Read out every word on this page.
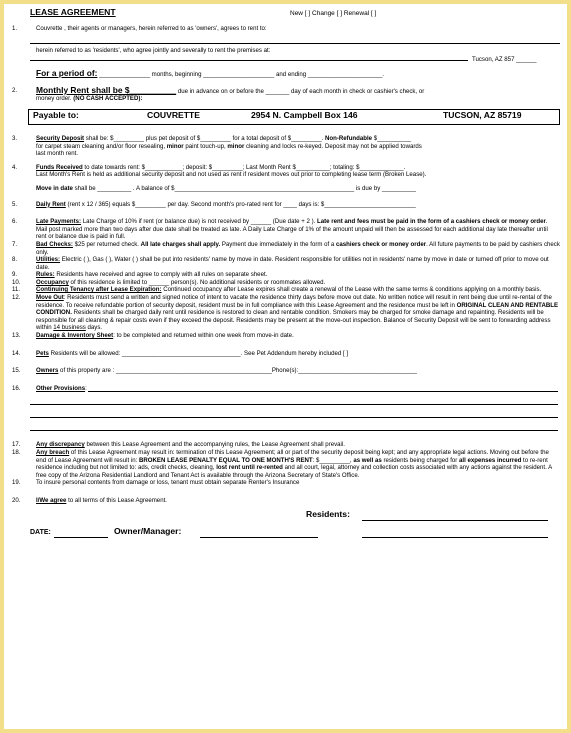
LEASE AGREEMENT	New [ ] Change [ ] Renewal [ ]
1.	Couvrette , their agents or managers, herein referred to as 'owners', agrees to rent to:
herein referred to as 'residents', who agree jointly and severally to rent the premises at:
Tucson, AZ 857 ______
For a period of: _______________ months, beginning _____________________ and ending ______________________.
2. Monthly Rent shall be $__________ due in advance on or before the _______ day of each month in check or cashier's check, or
money order. (NO CASH ACCEPTED):
Payable to:	COUVRETTE	2954 N. Campbell Box 146	TUCSON, AZ 85719
3.	Security Deposit shall be: $_________ plus pet deposit of $_________ for a total deposit of $_________. Non-Refundable $__________
for carpet steam cleaning and/or floor resealing, minor paint touch-up, minor cleaning and locks re-keyed. Deposit may not be applied towards
last month rent.
4.	Funds Received to date towards rent: $___________; deposit: $_________; Last Month Rent $__________; totaling: $_____________.
Last Month's Rent is held as additional security deposit and not used as rent if resident moves out prior to completing lease term (Broken Lease).
Move in date shall be __________ . A balance of $_____________________________________________________ is due by __________
5.	Daily Rent (rent x 12 / 365) equals $_________ per day. Second month's pro-rated rent for ____ days is: $___________________________
6.	Late Payments: Late Charge of 10% if rent (or balance due) is not received by ______ (Due date + 2 ). Late rent and fees must be paid in the form of a cashiers check or money order. Mail post marked more than two days after due date shall be treated as late. A Daily Late Charge of 1% of the amount unpaid will then be assessed for each additional day late thereafter until rent or balance due is paid in full.
7.	Bad Checks: $25 per returned check. All late charges shall apply. Payment due immediately in the form of a cashiers check or money order. All future payments to be paid by cashiers check only.
8.	Utilities: Electric ( ), Gas ( ), Water ( ) shall be put into residents' name by move in date. Resident responsible for utilities not in residents' name by move in date or turned off prior to move out date.
9.	Rules: Residents have received and agree to comply with all rules on separate sheet.
10.	Occupancy of this residence is limited to ______ person(s). No additional residents or roommates allowed.
11.	Continuing Tenancy after Lease Expiration: Continued occupancy after Lease expires shall create a renewal of the Lease with the same terms & conditions applying on a monthly basis.
12.	Move Out: Residents must send a written and signed notice of intent to vacate the residence thirty days before move out date. No written notice will result in rent being due until re-rental of the residence. To receive refundable portion of security deposit, resident must be in full compliance with this Lease Agreement and the residence must be left in ORIGINAL CLEAN AND RENTABLE CONDITION. Residents shall be charged daily rent until residence is restored to clean and rentable condition. Smokers may be charged for smoke damage and repainting. Residents will be responsible for all cleaning & repair costs even if they exceed the deposit. Residents may be present at the move-out inspection. Balance of Security Deposit will be sent to forwarding address within 14 business days.
13.	Damage & Inventory Sheet: to be completed and returned within one week from move-in date.
14.	Pets Residents will be allowed: ___________________________________. See Pet Addendum hereby included [ ]
15.	Owners of this property are : ______________________________________________Phone(s):___________________________________
16.	Other Provisions:
17.	Any discrepancy between this Lease Agreement and the accompanying rules, the Lease Agreement shall prevail.
18.	Any breach of this Lease Agreement may result in: termination of this Lease Agreement; all or part of the security deposit being kept; and any appropriate legal actions. Moving out before the end of Lease Agreement will result in: BROKEN LEASE PENALTY EQUAL TO ONE MONTH'S RENT: $_________, as well as residents being charged for all expenses incurred to re-rent residence including but not limited to: ads, credit checks, cleaning, lost rent until re-rented and all court, legal, attorney and collection costs associated with any actions against the resident. A free copy of the Arizona Residential Landlord and Tenant Act is available through the Arizona Secretary of State's Office.
19.	To insure personal contents from damage or loss, tenant must obtain separate Renter's Insurance
20.	I/We agree to all terms of this Lease Agreement.
Residents:
DATE:	Owner/Manager:
